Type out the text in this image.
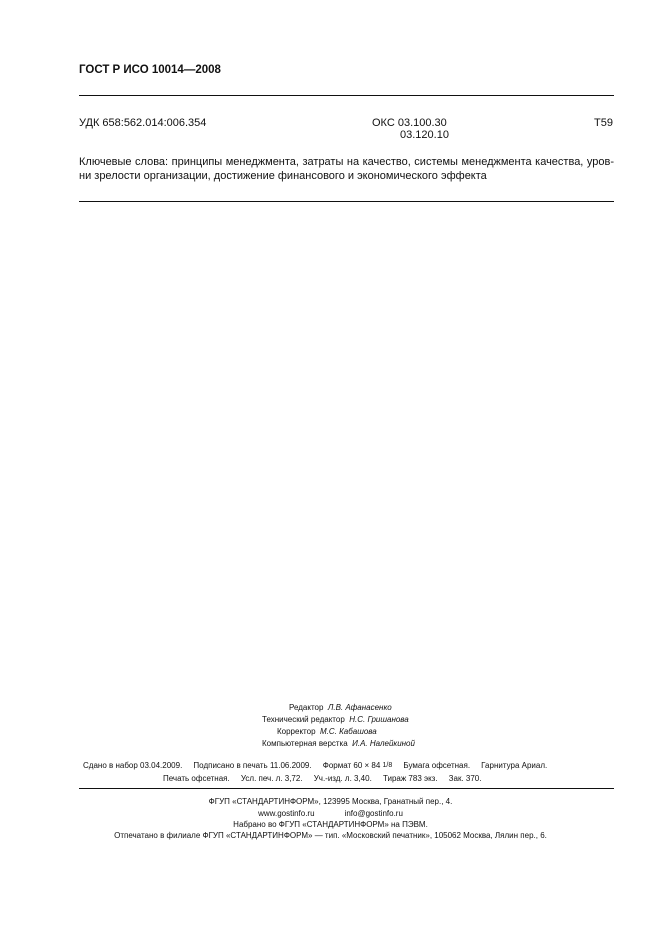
ГОСТ Р ИСО 10014—2008
УДК 658:562.014:006.354	ОКС 03.100.30
03.120.10
Т59
Ключевые слова: принципы менеджмента, затраты на качество, системы менеджмента качества, уров-
ни зрелости организации, достижение финансового и экономического эффекта
Редактор Л.В. Афанасенко
Технический редактор Н.С. Гришанова
Корректор М.С. Кабашова
Компьютерная верстка И.А. Налейкиной
Сдано в набор 03.04.2009. Подписано в печать 11.06.2009. Формат 60 × 84 1/8 Бумага офсетная. Гарнитура Ариал.
Печать офсетная. Усл. печ. л. 3,72. Уч.-изд. л. 3,40. Тираж 783 экз. Зак. 370.
ФГУП «СТАНДАРТИНФОРМ», 123995 Москва, Гранатный пер., 4.
www.gostinfo.ru	info@gostinfo.ru
Набрано во ФГУП «СТАНДАРТИНФОРМ» на ПЭВМ.
Отпечатано в филиале ФГУП «СТАНДАРТИНФОРМ» — тип. «Московский печатник», 105062 Москва, Лялин пер., 6.
